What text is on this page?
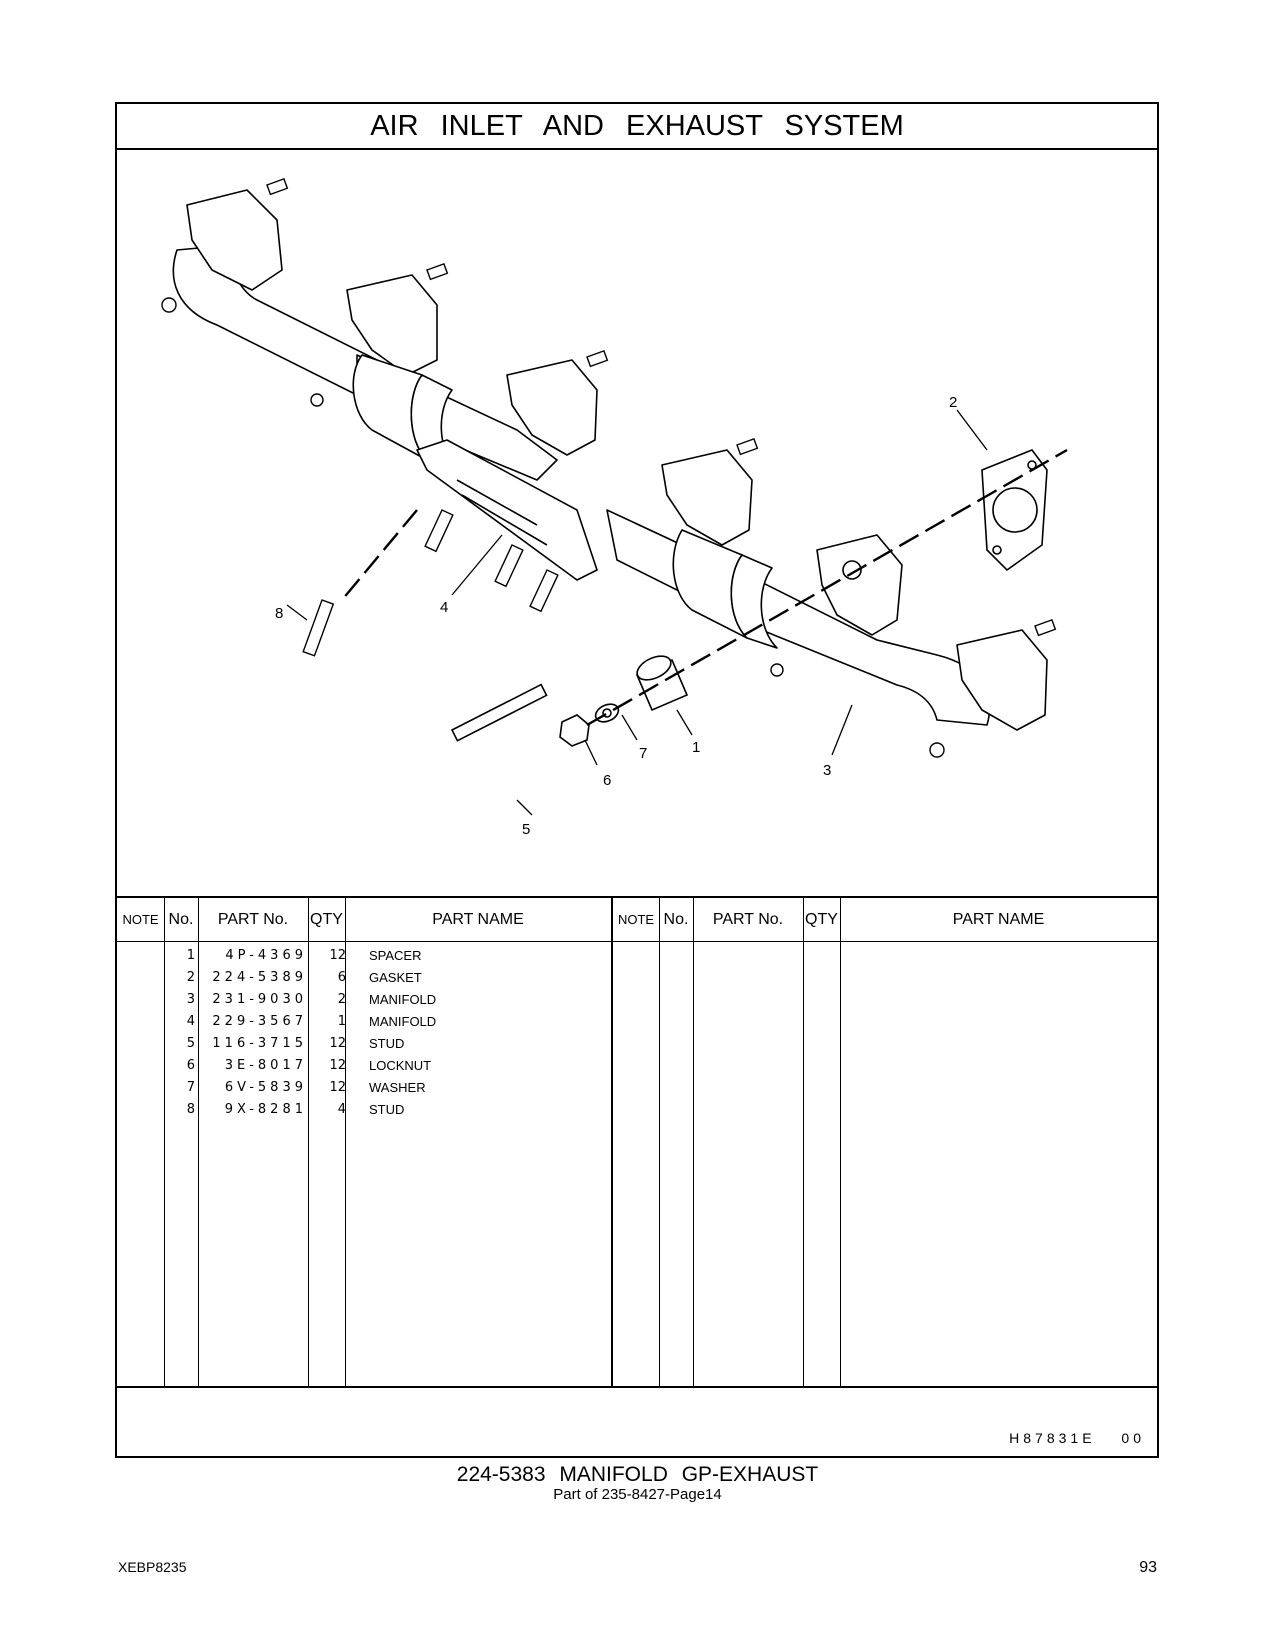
AIR INLET AND EXHAUST SYSTEM
1
2
3
4
5
6
7
8
NOTE No.	PART No.	QTY	PART NAME	NOTE No.	PART No.	QTY	PART NAME
1	4P-4369	12 SPACER
2	224-5389	6 GASKET
3	231-9030	2 MANIFOLD
4	229-3567	1 MANIFOLD
5	116-3715	12 STUD
6	3E-8017	12 LOCKNUT
7	6V-5839	12 WASHER
8	9X-8281	4 STUD
H87831E 00
224-5383 MANIFOLD GP-EXHAUST
Part of 235-8427-Page14
XEBP8235	93
